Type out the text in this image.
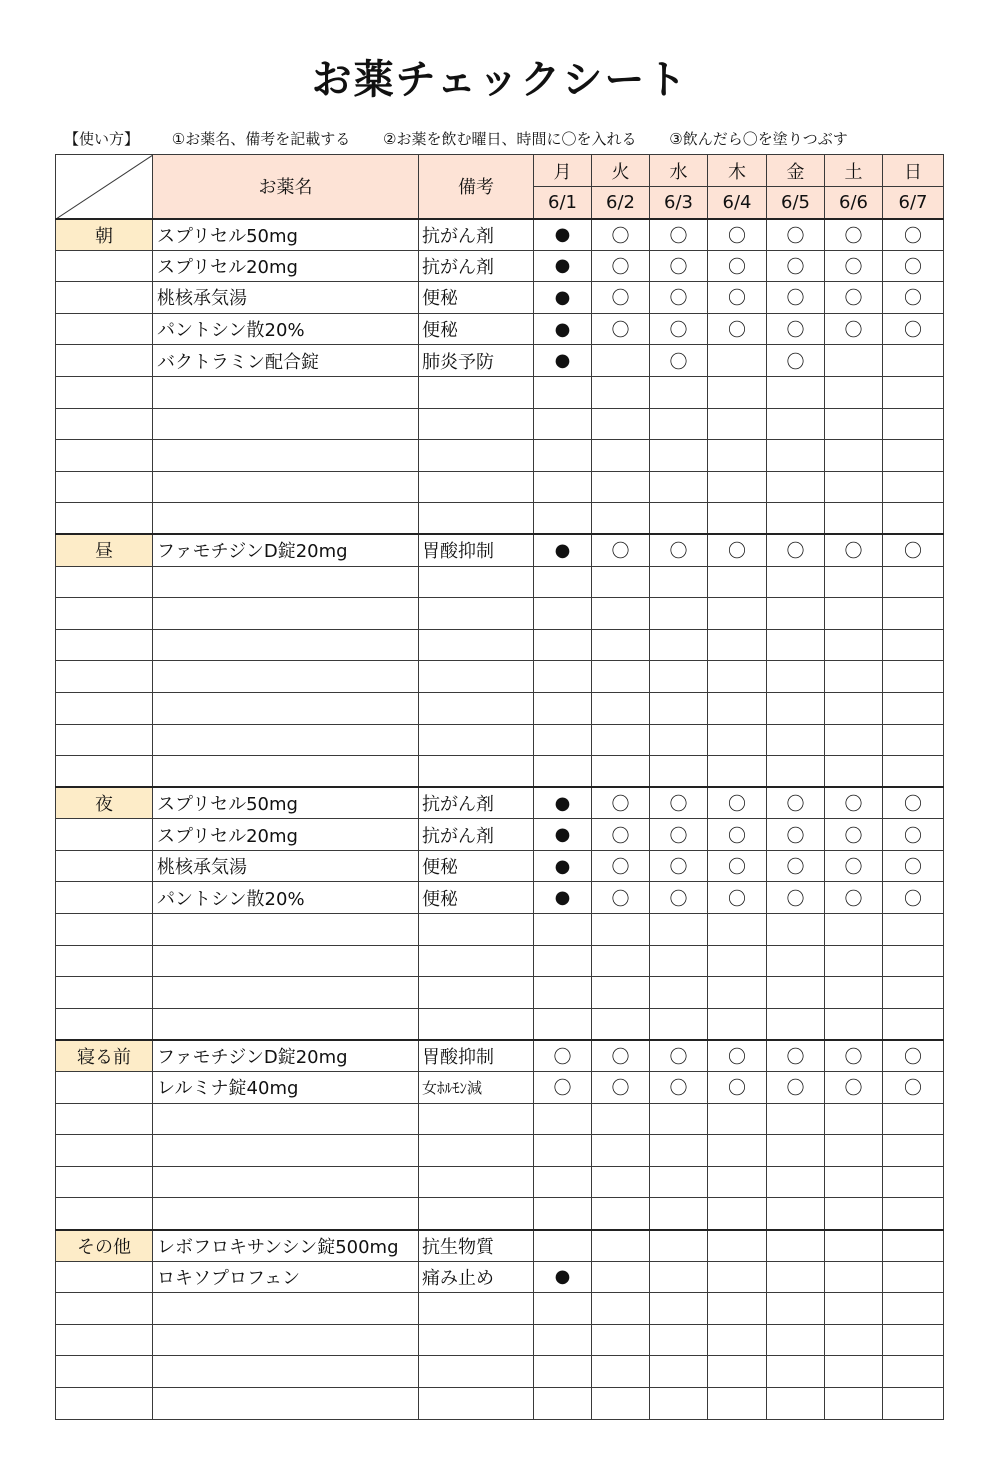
お薬チェックシート
【使い方】 ①お薬名、備考を記載する ②お薬を飲む曜日、時間に〇を入れる ③飲んだら〇を塗りつぶす
	お薬名	備考	月	火	水	木	金	土	日
			6/1	6/2	6/3	6/4	6/5	6/6	6/7
朝	スプリセル50mg	抗がん剤	●	〇	〇	〇	〇	〇	〇
	スプリセル20mg	抗がん剤	●	〇	〇	〇	〇	〇	〇
	桃核承気湯	便秘	●	〇	〇	〇	〇	〇	〇
	パントシン散20%	便秘	●	〇	〇	〇	〇	〇	〇
	バクトラミン配合錠	肺炎予防	●		〇		〇		

昼	ファモチジンD錠20mg	胃酸抑制	●	〇	〇	〇	〇	〇	〇

夜	スプリセル50mg	抗がん剤	●	〇	〇	〇	〇	〇	〇
	スプリセル20mg	抗がん剤	●	〇	〇	〇	〇	〇	〇
	桃核承気湯	便秘	●	〇	〇	〇	〇	〇	〇
	パントシン散20%	便秘	●	〇	〇	〇	〇	〇	〇

寝る前	ファモチジンD錠20mg	胃酸抑制	〇	〇	〇	〇	〇	〇	〇
	レルミナ錠40mg	女ﾎﾙﾓﾝ減	〇	〇	〇	〇	〇	〇	〇

その他	レボフロキサンシン錠500mg	抗生物質							
	ロキソプロフェン	痛み止め	●						
